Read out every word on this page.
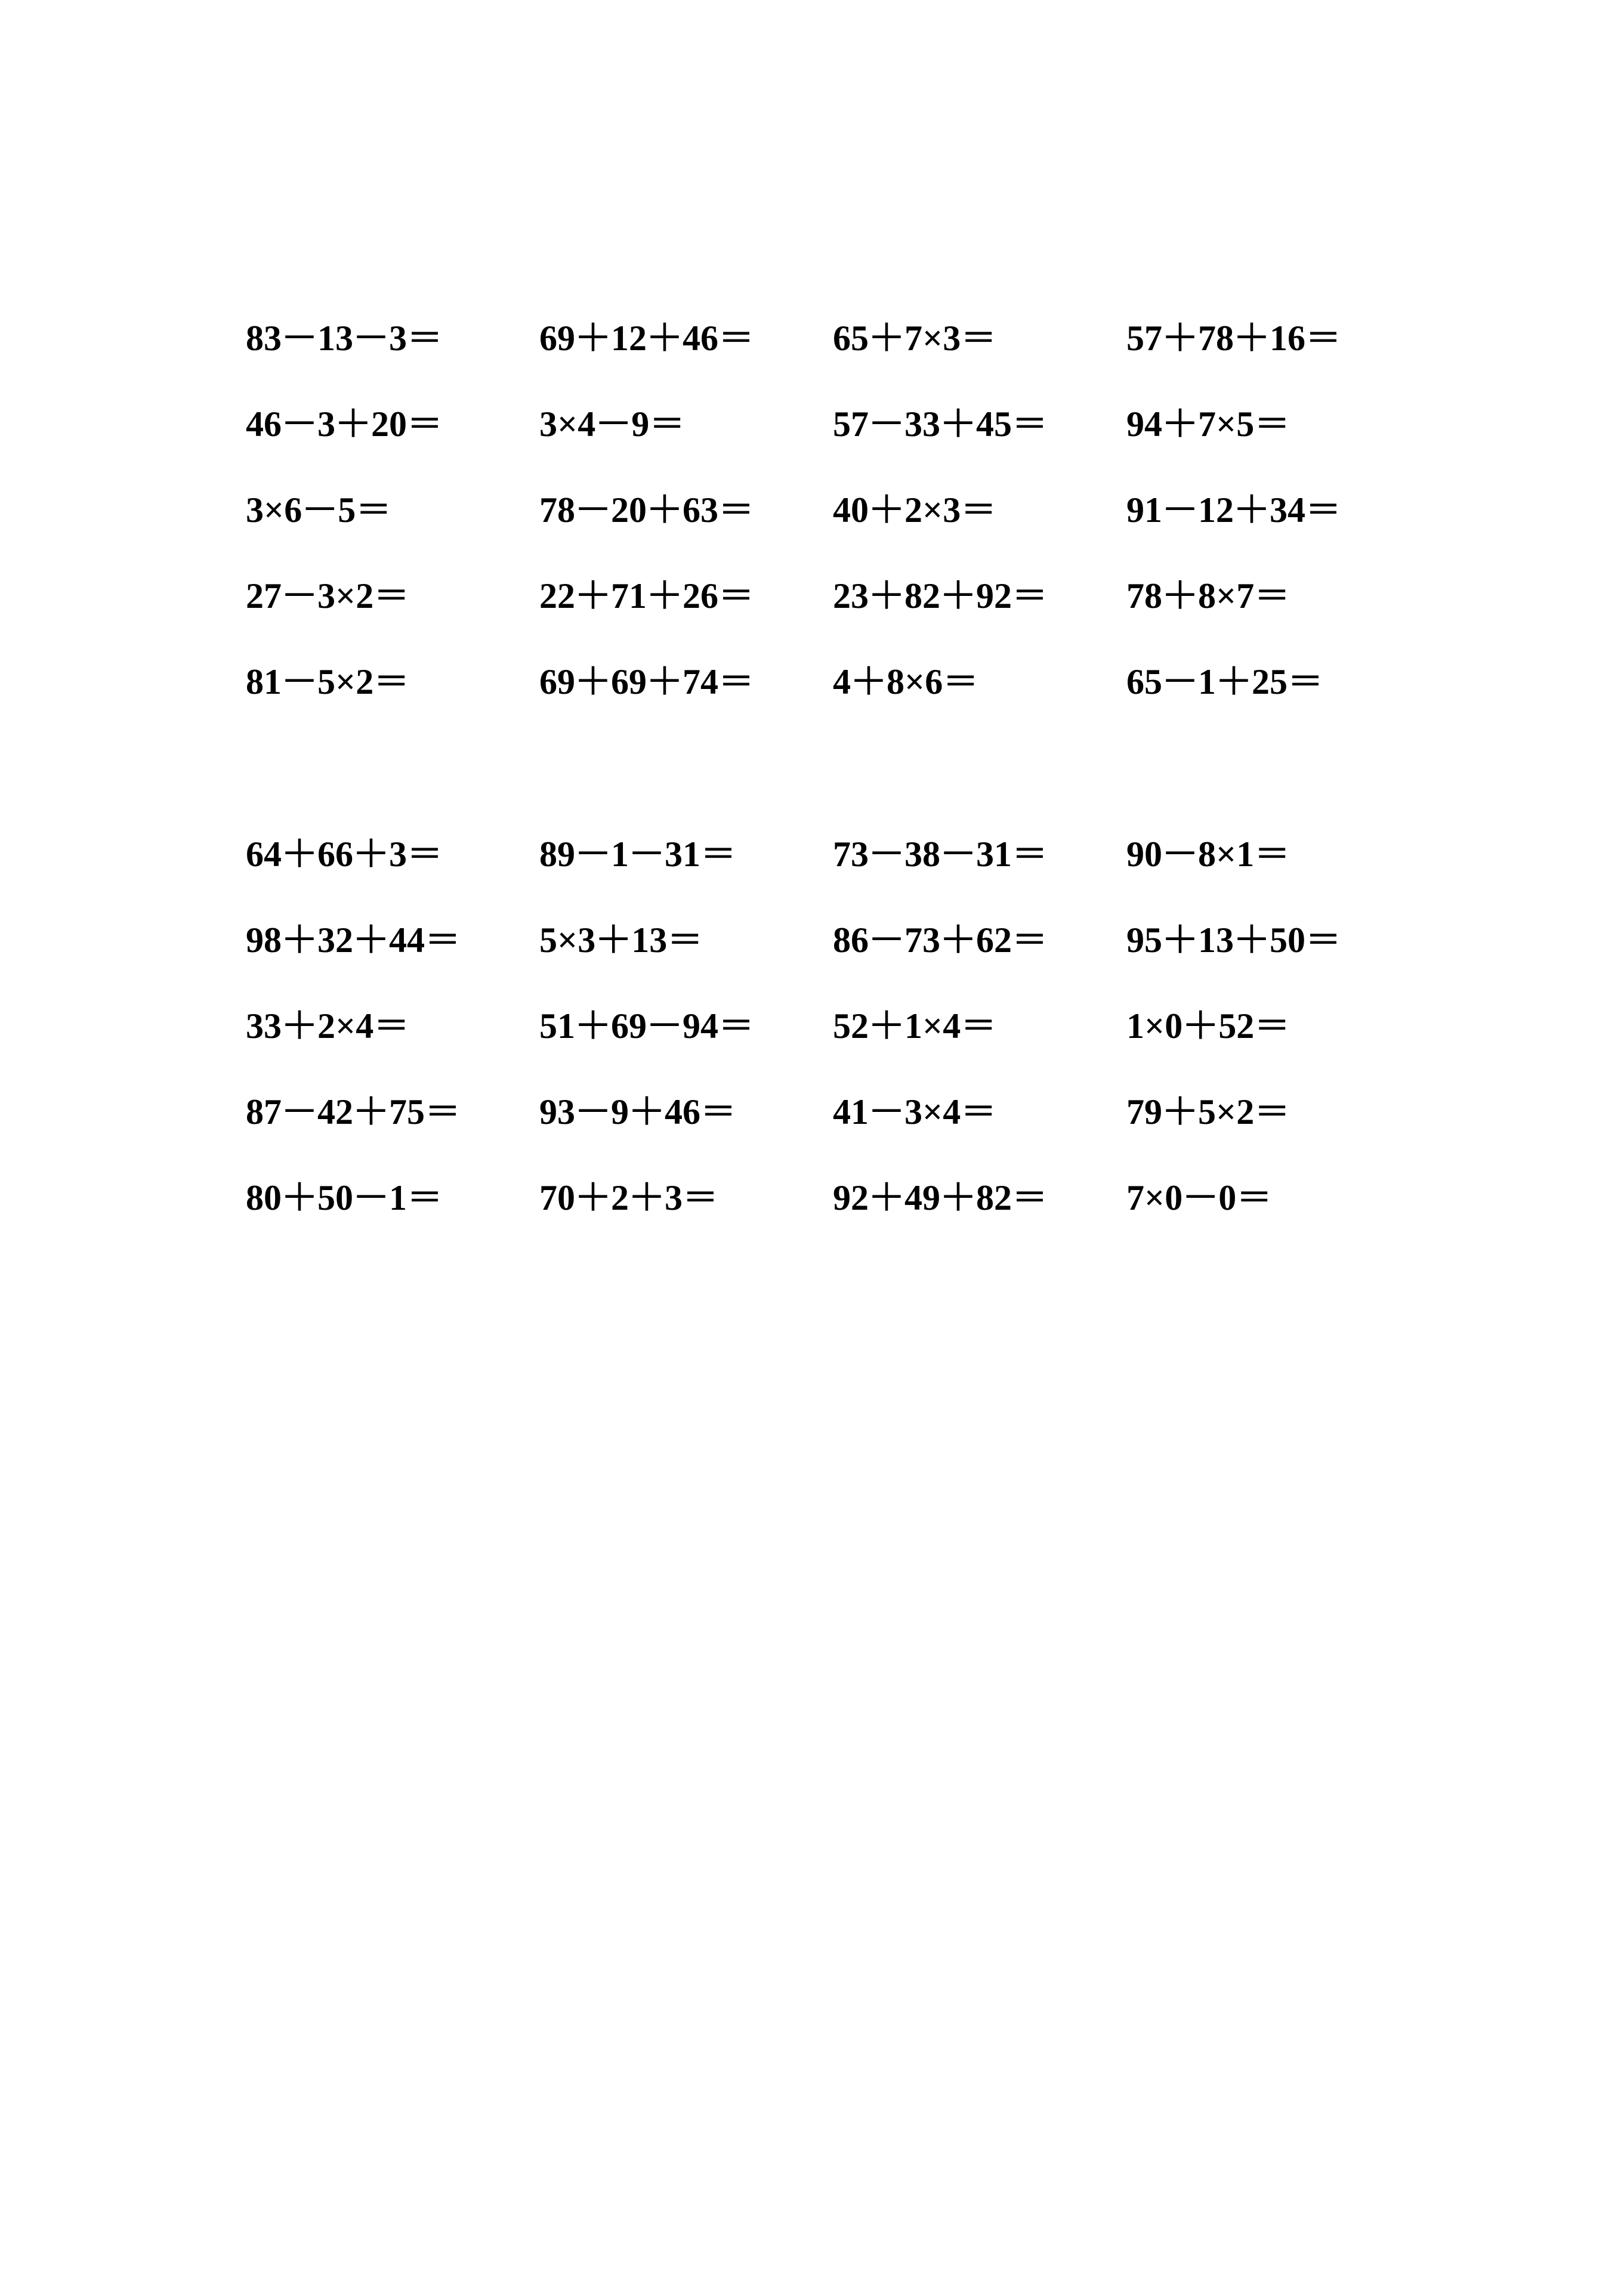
83－13－3＝	69＋12＋46＝	65＋7×3＝	57＋78＋16＝
46－3＋20＝	3×4－9＝	57－33＋45＝	94＋7×5＝
3×6－5＝	78－20＋63＝	40＋2×3＝	91－12＋34＝
27－3×2＝	22＋71＋26＝	23＋82＋92＝	78＋8×7＝
81－5×2＝	69＋69＋74＝	4＋8×6＝	65－1＋25＝
64＋66＋3＝	89－1－31＝	73－38－31＝	90－8×1＝
98＋32＋44＝	5×3＋13＝	86－73＋62＝	95＋13＋50＝
33＋2×4＝	51＋69－94＝	52＋1×4＝	1×0＋52＝
87－42＋75＝	93－9＋46＝	41－3×4＝	79＋5×2＝
80＋50－1＝	70＋2＋3＝	92＋49＋82＝	7×0－0＝
